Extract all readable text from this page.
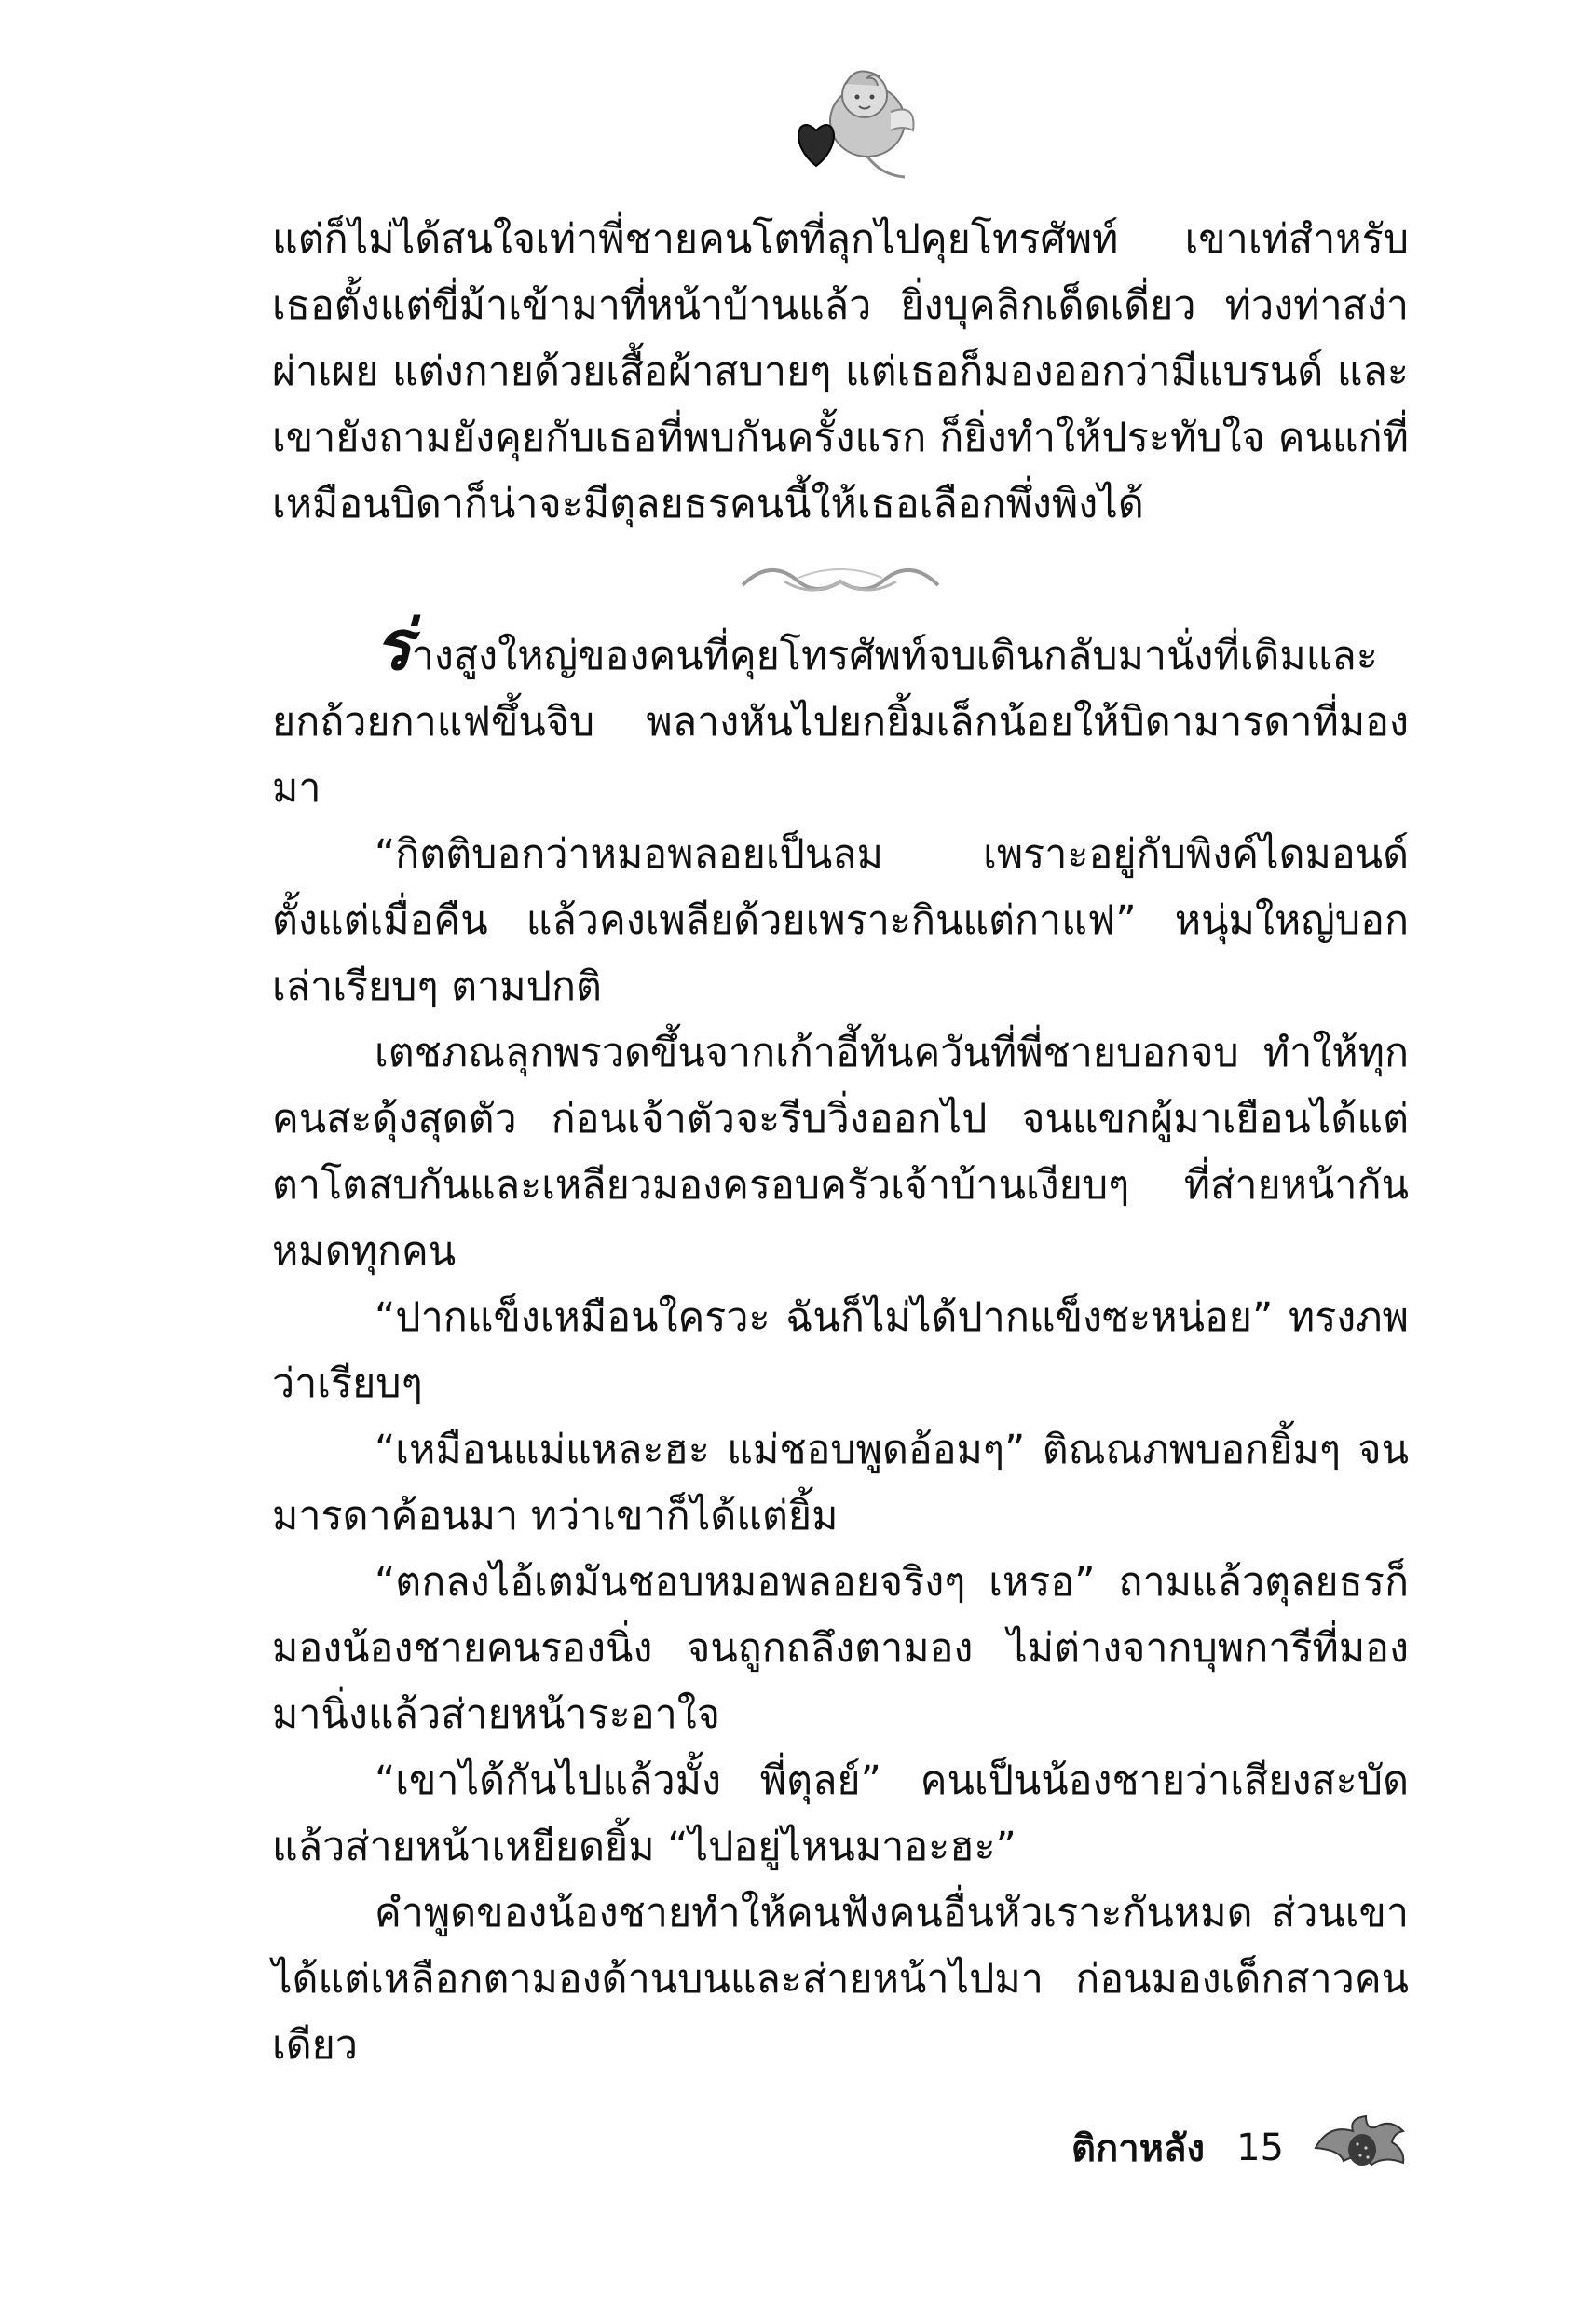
แต่ก็ไม่ได้สนใจเท่าพี่ชายคนโตที่ลุกไปคุยโทรศัพท์ เขาเท่สำหรับเธอตั้งแต่ขี่ม้าเข้ามาที่หน้าบ้านแล้ว ยิ่งบุคลิกเด็ดเดี่ยว ท่วงท่าสง่าผ่าเผย แต่งกายด้วยเสื้อผ้าสบายๆ แต่เธอก็มองออกว่ามีแบรนด์ และเขายังถามยังคุยกับเธอที่พบกันครั้งแรก ก็ยิ่งทำให้ประทับใจ คนแก่ที่เหมือนบิดาก็น่าจะมีตุลยธรคนนี้ให้เธอเลือกพึ่งพิงได้

ร่างสูงใหญ่ของคนที่คุยโทรศัพท์จบเดินกลับมานั่งที่เดิมและยกถ้วยกาแฟขึ้นจิบ พลางหันไปยกยิ้มเล็กน้อยให้บิดามารดาที่มองมา

“กิตติบอกว่าหมอพลอยเป็นลม เพราะอยู่กับพิงค์ไดมอนด์ตั้งแต่เมื่อคืน แล้วคงเพลียด้วยเพราะกินแต่กาแฟ” หนุ่มใหญ่บอกเล่าเรียบๆ ตามปกติ

เตชภณลุกพรวดขึ้นจากเก้าอี้ทันควันที่พี่ชายบอกจบ ทำให้ทุกคนสะดุ้งสุดตัว ก่อนเจ้าตัวจะรีบวิ่งออกไป จนแขกผู้มาเยือนได้แต่ตาโตสบกันและเหลียวมองครอบครัวเจ้าบ้านเงียบๆ ที่ส่ายหน้ากันหมดทุกคน

“ปากแข็งเหมือนใครวะ ฉันก็ไม่ได้ปากแข็งซะหน่อย” ทรงภพว่าเรียบๆ

“เหมือนแม่แหละฮะ แม่ชอบพูดอ้อมๆ” ติณณภพบอกยิ้มๆ จนมารดาค้อนมา ทว่าเขาก็ได้แต่ยิ้ม

“ตกลงไอ้เตมันชอบหมอพลอยจริงๆ เหรอ” ถามแล้วตุลยธรก็มองน้องชายคนรองนิ่ง จนถูกถลึงตามอง ไม่ต่างจากบุพการีที่มองมานิ่งแล้วส่ายหน้าระอาใจ

“เขาได้กันไปแล้วมั้ง พี่ตุลย์” คนเป็นน้องชายว่าเสียงสะบัดแล้วส่ายหน้าเหยียดยิ้ม “ไปอยู่ไหนมาอะฮะ”

คำพูดของน้องชายทำให้คนฟังคนอื่นหัวเราะกันหมด ส่วนเขาได้แต่เหลือกตามองด้านบนและส่ายหน้าไปมา ก่อนมองเด็กสาวคนเดียว

ติกาหลัง 15
